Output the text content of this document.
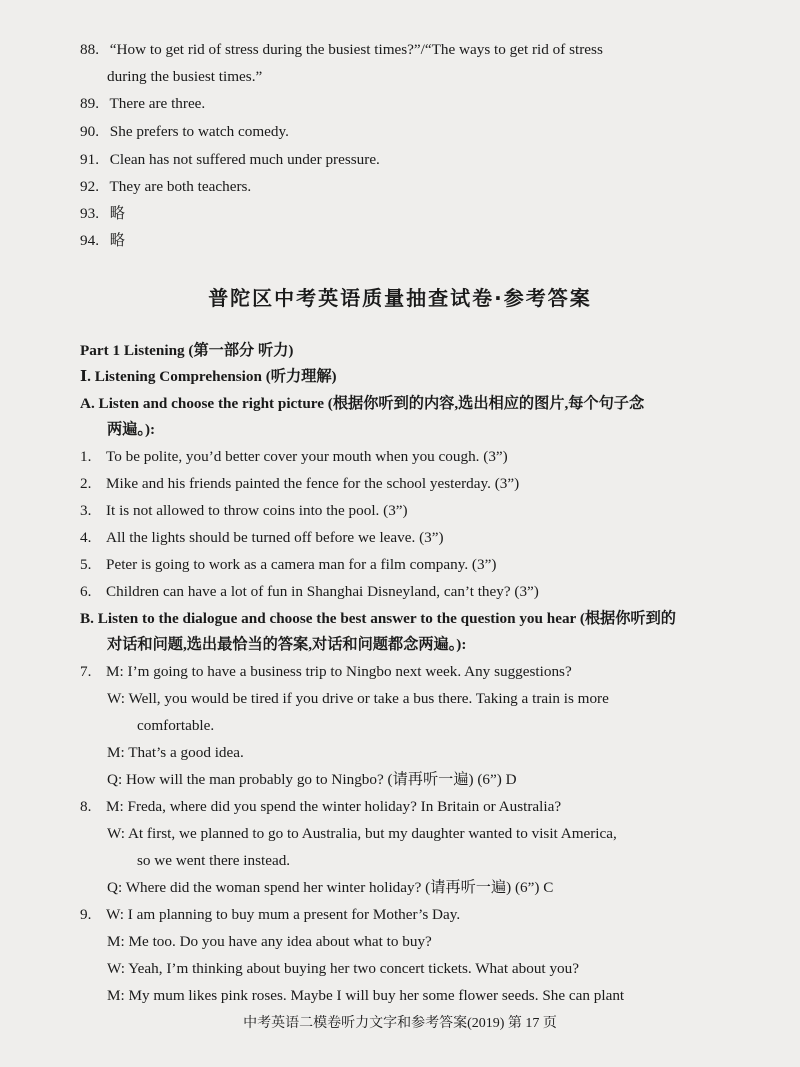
88. “How to get rid of stress during the busiest times?”/“The ways to get rid of stress
during the busiest times.”
89. There are three.
90. She prefers to watch comedy.
91. Clean has not suffered much under pressure.
92. They are both teachers.
93. 略
94. 略
普陀区中考英语质量抽查试卷·参考答案
Part 1 Listening (第一部分 听力)
Ⅰ. Listening Comprehension (听力理解)
A. Listen and choose the right picture (根据你听到的内容,选出相应的图片,每个句子念
两遍。):
1. To be polite, you’d better cover your mouth when you cough. (3”)
2. Mike and his friends painted the fence for the school yesterday. (3”)
3. It is not allowed to throw coins into the pool. (3”)
4. All the lights should be turned off before we leave. (3”)
5. Peter is going to work as a camera man for a film company. (3”)
6. Children can have a lot of fun in Shanghai Disneyland, can’t they? (3”)
B. Listen to the dialogue and choose the best answer to the question you hear (根据你听到的
对话和问题,选出最恰当的答案,对话和问题都念两遍。):
7. M: I’m going to have a business trip to Ningbo next week. Any suggestions?
W: Well, you would be tired if you drive or take a bus there. Taking a train is more
comfortable.
M: That’s a good idea.
Q: How will the man probably go to Ningbo? (请再听一遍) (6”) D
8. M: Freda, where did you spend the winter holiday? In Britain or Australia?
W: At first, we planned to go to Australia, but my daughter wanted to visit America,
so we went there instead.
Q: Where did the woman spend her winter holiday? (请再听一遍) (6”) C
9. W: I am planning to buy mum a present for Mother’s Day.
M: Me too. Do you have any idea about what to buy?
W: Yeah, I’m thinking about buying her two concert tickets. What about you?
M: My mum likes pink roses. Maybe I will buy her some flower seeds. She can plant
中考英语二模卷听力文字和参考答案(2019) 第 17 页
